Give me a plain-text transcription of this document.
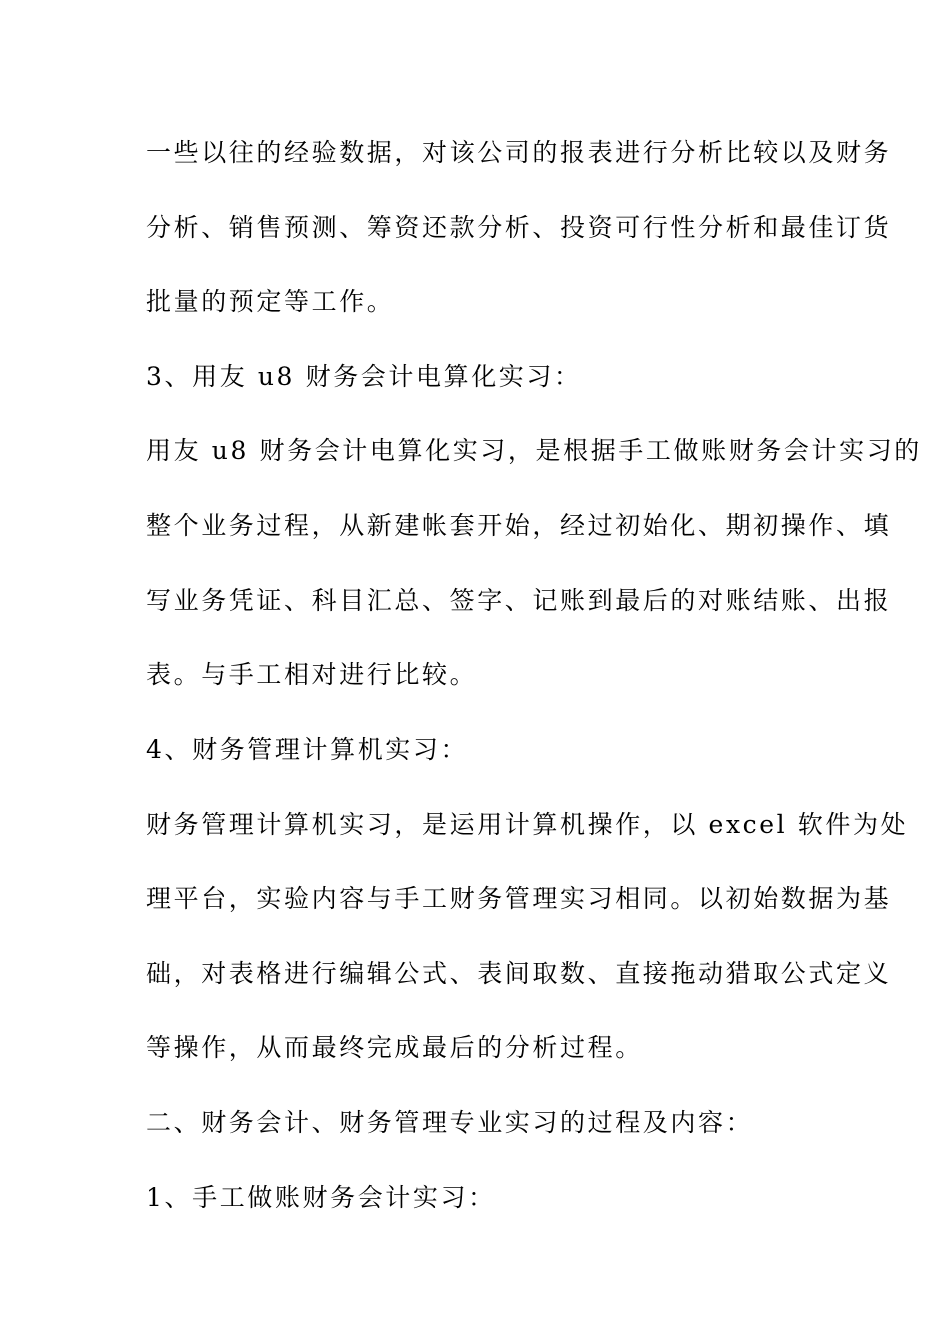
一些以往的经验数据，对该公司的报表进行分析比较以及财务
分析、销售预测、筹资还款分析、投资可行性分析和最佳订货
批量的预定等工作。
3、用友 u8 财务会计电算化实习：
用友 u8 财务会计电算化实习，是根据手工做账财务会计实习的
整个业务过程，从新建帐套开始，经过初始化、期初操作、填
写业务凭证、科目汇总、签字、记账到最后的对账结账、出报
表。与手工相对进行比较。
4、财务管理计算机实习：
财务管理计算机实习，是运用计算机操作，以 excel 软件为处
理平台，实验内容与手工财务管理实习相同。以初始数据为基
础，对表格进行编辑公式、表间取数、直接拖动猎取公式定义
等操作，从而最终完成最后的分析过程。
二、财务会计、财务管理专业实习的过程及内容：
1、手工做账财务会计实习：
